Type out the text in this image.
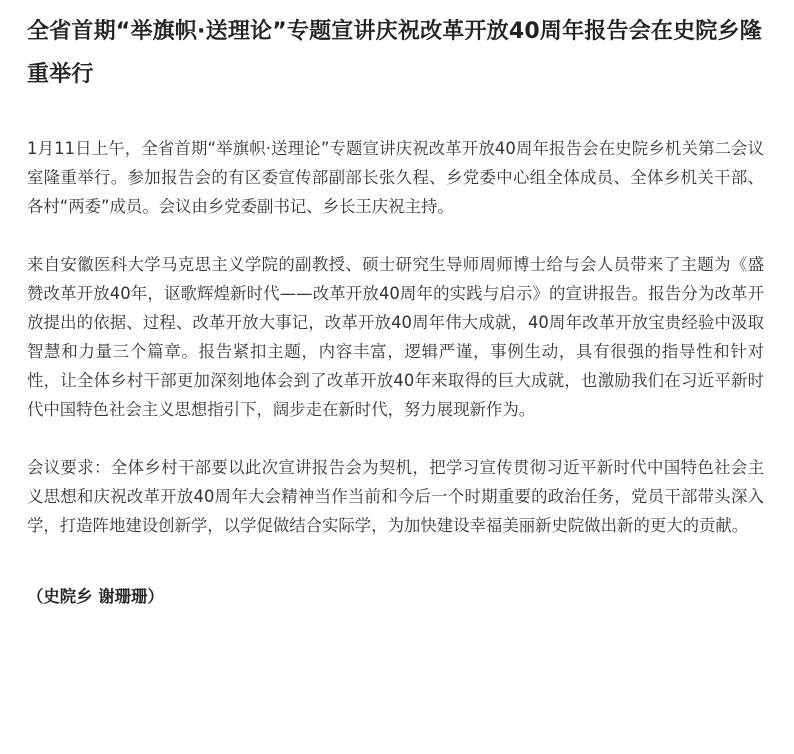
全省首期“举旗帜·送理论”专题宣讲庆祝改革开放40周年报告会在史院乡隆重举行

1月11日上午，全省首期“举旗帜·送理论”专题宣讲庆祝改革开放40周年报告会在史院乡机关第二会议室隆重举行。参加报告会的有区委宣传部副部长张久程、乡党委中心组全体成员、全体乡机关干部、各村“两委”成员。会议由乡党委副书记、乡长王庆祝主持。

来自安徽医科大学马克思主义学院的副教授、硕士研究生导师周师博士给与会人员带来了主题为《盛赞改革开放40年，讴歌辉煌新时代——改革开放40周年的实践与启示》的宣讲报告。报告分为改革开放提出的依据、过程、改革开放大事记，改革开放40周年伟大成就，40周年改革开放宝贵经验中汲取智慧和力量三个篇章。报告紧扣主题，内容丰富，逻辑严谨，事例生动，具有很强的指导性和针对性，让全体乡村干部更加深刻地体会到了改革开放40年来取得的巨大成就，也激励我们在习近平新时代中国特色社会主义思想指引下，阔步走在新时代，努力展现新作为。

会议要求：全体乡村干部要以此次宣讲报告会为契机，把学习宣传贯彻习近平新时代中国特色社会主义思想和庆祝改革开放40周年大会精神当作当前和今后一个时期重要的政治任务，党员干部带头深入学，打造阵地建设创新学，以学促做结合实际学，为加快建设幸福美丽新史院做出新的更大的贡献。

（史院乡 谢珊珊）
